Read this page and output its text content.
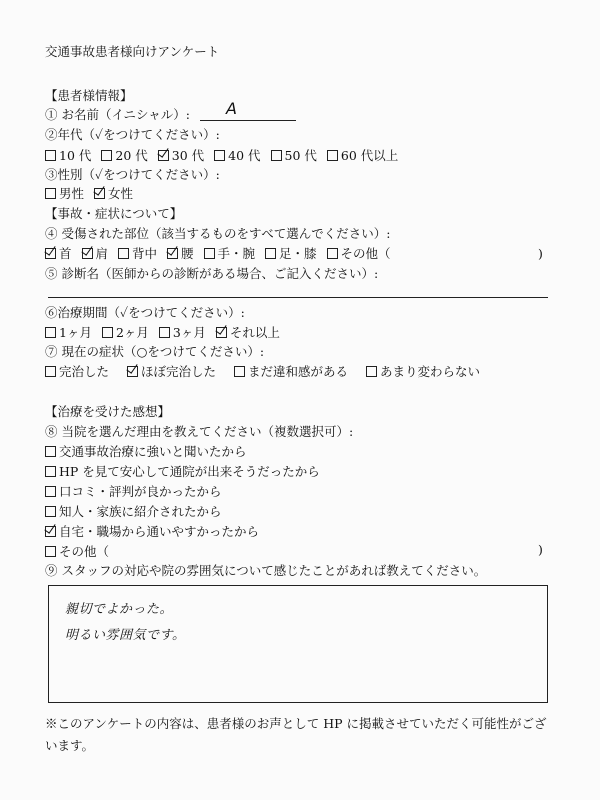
交通事故患者様向けアンケート
【患者様情報】
① お名前（イニシャル）: A
②年代（✓をつけてください）:
10 代 20 代 30 代 40 代 50 代 60 代以上
③性別（✓をつけてください）:
男性 女性
【事故・症状について】
④ 受傷された部位（該当するものをすべて選んでください）:
首 肩 背中 腰 手・腕 足・膝 その他（	)
⑤ 診断名（医師からの診断がある場合、ご記入ください）:
⑥治療期間（✓をつけてください）:
1ヶ月 2ヶ月 3ヶ月 それ以上
⑦ 現在の症状（○をつけてください）:
完治した	ほぼ完治した	まだ違和感がある	あまり変わらない
【治療を受けた感想】
⑧ 当院を選んだ理由を教えてください（複数選択可）:
交通事故治療に強いと聞いたから
HP を見て安心して通院が出来そうだったから
口コミ・評判が良かったから
知人・家族に紹介されたから
自宅・職場から通いやすかったから
その他（	)
⑨ スタッフの対応や院の雰囲気について感じたことがあれば教えてください。
親切でよかった。
明るい雰囲気です。
※このアンケートの内容は、患者様のお声として HP に掲載させていただく可能性がござ
います。
